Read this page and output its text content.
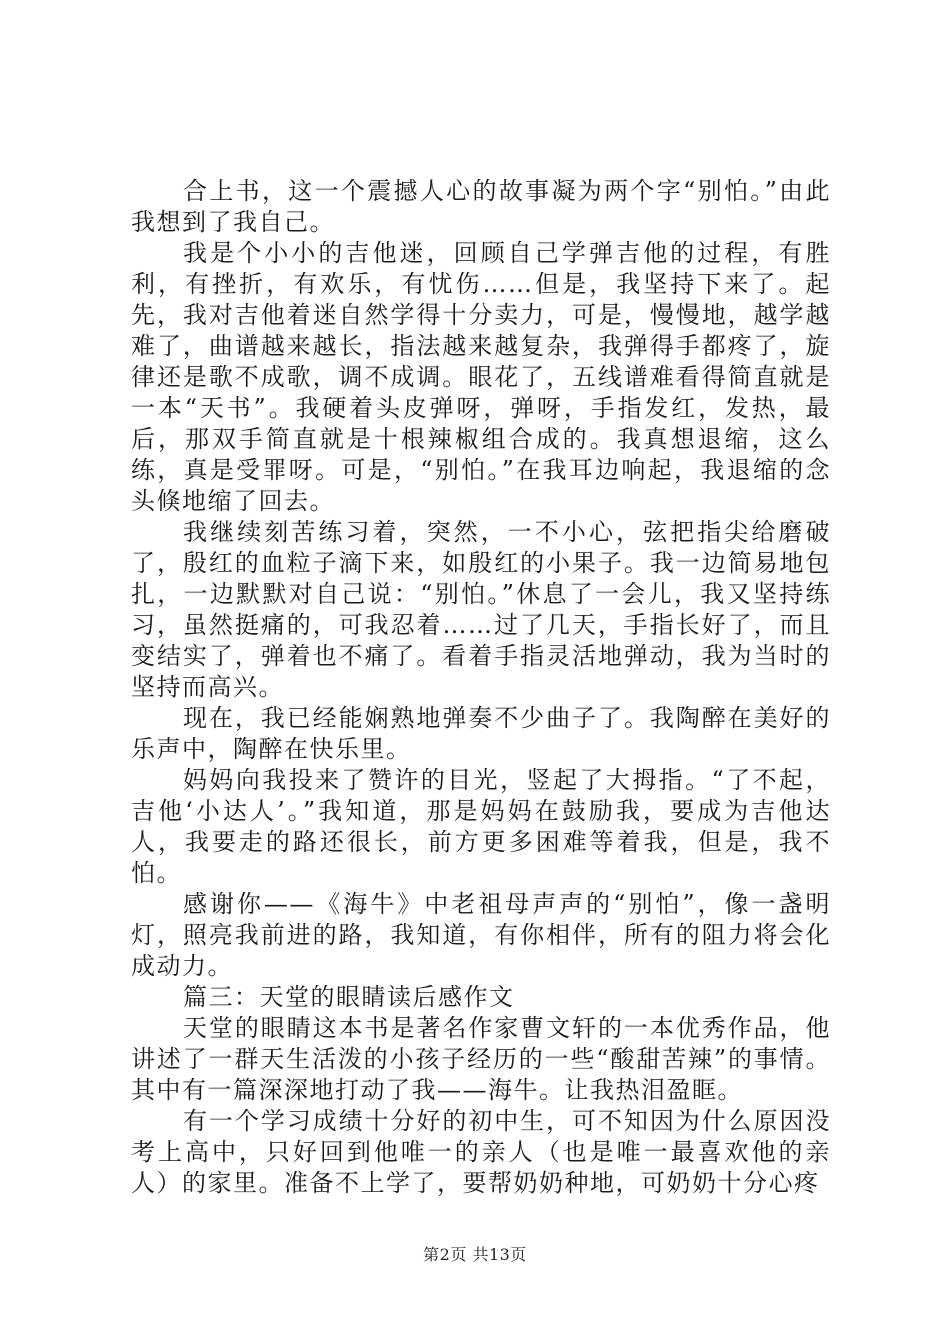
合上书，这一个震撼人心的故事凝为两个字“别怕。”由此我想到了我自己。

我是个小小的吉他迷，回顾自己学弹吉他的过程，有胜利，有挫折，有欢乐，有忧伤……但是，我坚持下来了。起先，我对吉他着迷自然学得十分卖力，可是，慢慢地，越学越难了，曲谱越来越长，指法越来越复杂，我弹得手都疼了，旋律还是歌不成歌，调不成调。眼花了，五线谱难看得简直就是一本“天书”。我硬着头皮弹呀，弹呀，手指发红，发热，最后，那双手简直就是十根辣椒组合成的。我真想退缩，这么练，真是受罪呀。可是，“别怕。”在我耳边响起，我退缩的念头倏地缩了回去。

我继续刻苦练习着，突然，一不小心，弦把指尖给磨破了，殷红的血粒子滴下来，如殷红的小果子。我一边简易地包扎，一边默默对自己说：“别怕。”休息了一会儿，我又坚持练习，虽然挺痛的，可我忍着……过了几天，手指长好了，而且变结实了，弹着也不痛了。看着手指灵活地弹动，我为当时的坚持而高兴。

现在，我已经能娴熟地弹奏不少曲子了。我陶醉在美好的乐声中，陶醉在快乐里。

妈妈向我投来了赞许的目光，竖起了大拇指。“了不起，吉他‘小达人’。”我知道，那是妈妈在鼓励我，要成为吉他达人，我要走的路还很长，前方更多困难等着我，但是，我不怕。

感谢你——《海牛》中老祖母声声的“别怕”，像一盏明灯，照亮我前进的路，我知道，有你相伴，所有的阻力将会化成动力。

篇三：天堂的眼睛读后感作文

天堂的眼睛这本书是著名作家曹文轩的一本优秀作品，他讲述了一群天生活泼的小孩子经历的一些“酸甜苦辣”的事情。其中有一篇深深地打动了我——海牛。让我热泪盈眶。

有一个学习成绩十分好的初中生，可不知因为什么原因没考上高中，只好回到他唯一的亲人（也是唯一最喜欢他的亲人）的家里。准备不上学了，要帮奶奶种地，可奶奶十分心疼

第2页 共13页
